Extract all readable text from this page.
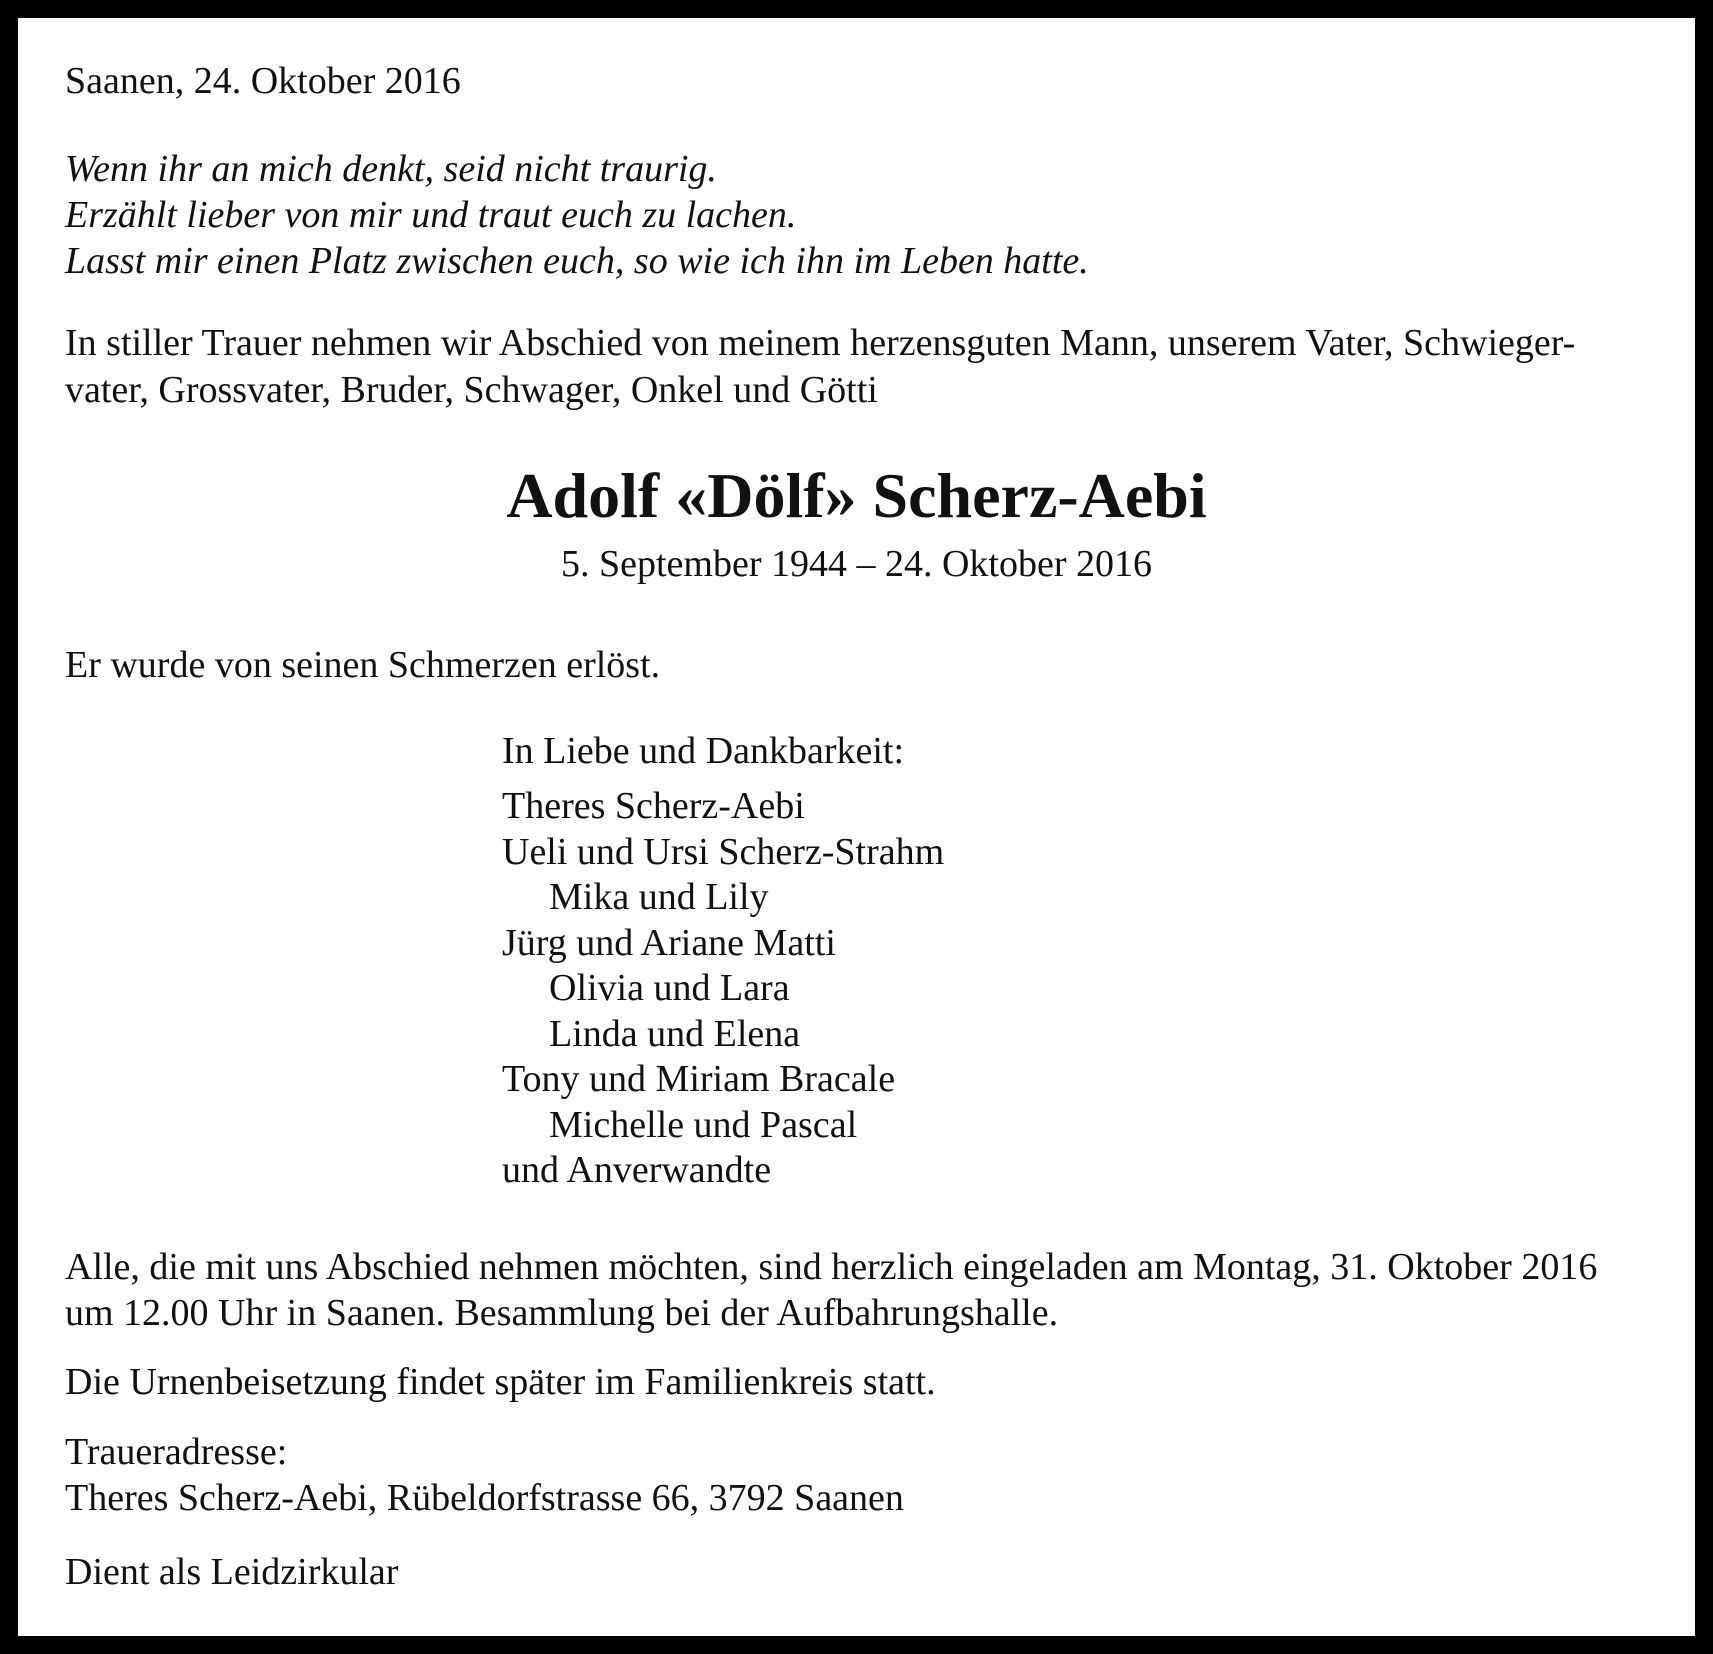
Saanen, 24. Oktober 2016

Wenn ihr an mich denkt, seid nicht traurig.

Erzählt lieber von mir und traut euch zu lachen.

Lasst mir einen Platz zwischen euch, so wie ich ihn im Leben hatte.

In stiller Trauer nehmen wir Abschied von meinem herzensguten Mann, unserem Vater, Schwieger-

vater, Grossvater, Bruder, Schwager, Onkel und Götti

Adolf «Dölf» Scherz-Aebi
5. September 1944 – 24. Oktober 2016

Er wurde von seinen Schmerzen erlöst.

In Liebe und Dankbarkeit:

Theres Scherz-Aebi
Ueli und Ursi Scherz-Strahm
Mika und Lily
Jürg und Ariane Matti
Olivia und Lara
Linda und Elena
Tony und Miriam Bracale
Michelle und Pascal
und Anverwandte

Alle, die mit uns Abschied nehmen möchten, sind herzlich eingeladen am Montag, 31. Oktober 2016

um 12.00 Uhr in Saanen. Besammlung bei der Aufbahrungshalle.

Die Urnenbeisetzung findet später im Familienkreis statt.

Traueradresse:

Theres Scherz-Aebi, Rübeldorfstrasse 66, 3792 Saanen

Dient als Leidzirkular
